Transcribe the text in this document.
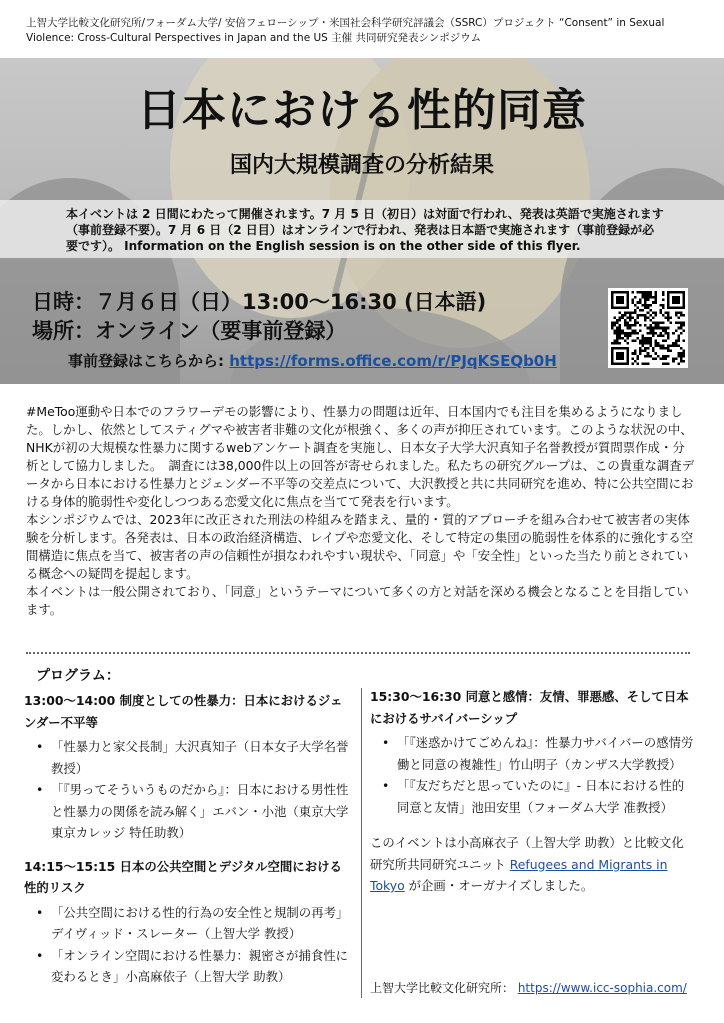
上智大学比較文化研究所/フォーダム大学/ 安倍フェローシップ・米国社会科学研究評議会（SSRC）プロジェクト “Consent” in Sexual Violence: Cross-Cultural Perspectives in Japan and the US 主催 共同研究発表シンポジウム
日本における性的同意
国内大規模調査の分析結果

本イベントは 2 日間にわたって開催されます。7 月 5 日（初日）は対面で行われ、発表は英語で実施されます（事前登録不要）。7 月 6 日（2 日目）はオンラインで行われ、発表は日本語で実施されます（事前登録が必要です）。 Information on the English session is on the other side of this flyer.

日時：７月６日（日）13:00〜16:30 (日本語)
場所：オンライン（要事前登録）
事前登録はこちらから: https://forms.office.com/r/PJqKSEQb0H

#MeToo運動や日本でのフラワーデモの影響により、性暴力の問題は近年、日本国内でも注目を集めるようになりました。しかし、依然としてスティグマや被害者非難の文化が根強く、多くの声が抑圧されています。このような状況の中、NHKが初の大規模な性暴力に関するwebアンケート調査を実施し、日本女子大学大沢真知子名誉教授が質問票作成・分析として協力しました。　調査には38,000件以上の回答が寄せられました。私たちの研究グループは、この貴重な調査データから日本における性暴力とジェンダー不平等の交差点について、大沢教授と共に共同研究を進め、特に公共空間における身体的脆弱性や変化しつつある恋愛文化に焦点を当てて発表を行います。

本シンポジウムでは、2023年に改正された刑法の枠組みを踏まえ、量的・質的アプローチを組み合わせて被害者の実体験を分析します。各発表は、日本の政治経済構造、レイプや恋愛文化、そして特定の集団の脆弱性を体系的に強化する空間構造に焦点を当て、被害者の声の信頼性が損なわれやすい現状や、「同意」や「安全性」といった当たり前とされている概念への疑問を提起します。

本イベントは一般公開されており、「同意」というテーマについて多くの方と対話を深める機会となることを目指しています。

プログラム：
13:00〜14:00 制度としての性暴力：日本におけるジェンダー不平等
• 「性暴力と家父長制」大沢真知子（日本女子大学名誉教授）
• 「『男ってそういうものだから』：日本における男性性と性暴力の関係を読み解く」エバン・小池（東京大学 東京カレッジ 特任助教）
14:15〜15:15 日本の公共空間とデジタル空間における性的リスク
• 「公共空間における性的行為の安全性と規制の再考」デイヴィッド・スレーター（上智大学 教授）
• 「オンライン空間における性暴力：親密さが捕食性に変わるとき」小高麻依子（上智大学 助教）
15:30〜16:30 同意と感情：友情、罪悪感、そして日本におけるサバイバーシップ
• 「『迷惑かけてごめんね』：性暴力サバイバーの感情労働と同意の複雑性」竹山明子（カンザス大学教授）
• 「『友だちだと思っていたのに』- 日本における性的同意と友情」池田安里（フォーダム大学 准教授）
このイベントは小高麻衣子（上智大学 助教）と比較文化研究所共同研究ユニット Refugees and Migrants in Tokyo が企画・オーガナイズしました。
上智大学比較文化研究所： https://www.icc-sophia.com/
